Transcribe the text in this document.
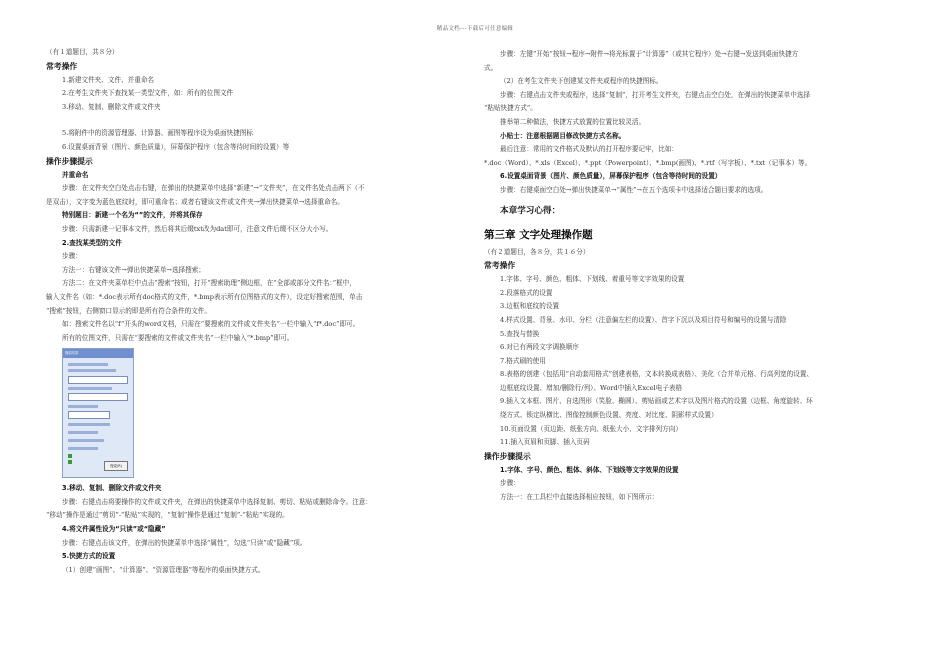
精品文档---下载后可任意编辑
（有１道题目，共８分）
常考操作
1.新建文件夹、文件、并重命名
2.在考生文件夹下查找某一类型文件，如：所有的位图文件
3.移动、复制、删除文件或文件夹
5.将附件中的资源管理器、计算器、画图等程序设为桌面快捷图标
6.设置桌面背景（图片、颜色质量），屏幕保护程序（包含等待时间的设置）等
操作步骤提示
并重命名
步骤：在文件夹空白处点击右键，在弹出的快捷菜单中选择“新建”→“文件夹”，在文件名处点击两下（不
是双击），文字变为蓝色底纹时，即可重命名；或者右键该文件或文件夹→弹出快捷菜单→选择重命名。
特别题目：新建一个名为“”的文件，并将其保存
步骤：只需新建一记事本文件，然后将其后缀txt改为dat即可，注意文件后缀不区分大小写。
2.查找某类型的文件
步骤：
方法一：右键该文件→弹出快捷菜单→选择搜索；
方法二：在文件夹菜单栏中点击“搜索”按钮，打开“搜索助理”侧边框，在“全部或部分文件名：”框中，
输入文件名（如：*.doc表示所有doc格式的文件，*.bmp表示所有位图格式的文件），设定好搜索范围，单击
“搜索”按钮，右侧窗口显示的即是所有符合条件的文件。
如：搜索文件名以“f”开头的word文档，只需在“要搜索的文件或文件夹名”一栏中输入“f*.doc”即可。
所有的位图文件，只需在“要搜索的文件或文件夹名”一栏中输入“*.bmp”即可。
搜索结果
搜索(R)
3.移动、复制、删除文件或文件夹
步骤：右键点击将要操作的文件或文件夹，在弹出的快捷菜单中选择复制、剪切、粘贴或删除命令。注意：
“移动”操作是通过“剪切”-“粘贴”实现的，“复制”操作是通过“复制”-“粘贴”实现的。
4.将文件属性设为“只读”或“隐藏”
步骤：右键点击该文件，在弹出的快捷菜单中选择“属性”，勾选“只读”或“隐藏”项。
5.快捷方式的设置
（1）创建“画图”、“计算器”、“资源管理器”等程序的桌面快捷方式。
步骤：左键“开始”按钮→程序→附件→将光标置于“计算器”（或其它程序）处→右键→发送到桌面快捷方
式。
（2）在考生文件夹下创建某文件夹或程序的快捷图标。
步骤：右键点击文件夹或程序，选择“复制”，打开考生文件夹，右键点击空白处，在弹出的快捷菜单中选择
“粘贴快捷方式”。
推举第二种做法，快捷方式放置的位置比较灵活。
小贴士：注意根据题目修改快捷方式名称。
最后注意：常用的文件格式及默认的打开程序要记牢，比如：
*.doc（Word）、*.xls（Excel）、*.ppt（Powerpoint）、*.bmp(画图)、*.rtf（写字板）、*.txt（记事本）等。
6.设置桌面背景（图片、颜色质量），屏幕保护程序（包含等待时间的设置）
步骤：右键桌面空白处→弹出快捷菜单→“属性”→在五个选项卡中选择适合题目要求的选项。
本章学习心得：
第三章 文字处理操作题
（有２道题目，各８分，共１６分）
常考操作
1.字体、字号、颜色、粗体、下划线、着重号等文字效果的设置
2.段落格式的设置
3.边框和底纹的设置
4.样式设置、背景、水印、分栏（注意偏左栏的设置）、首字下沉以及项目符号和编号的设置与清除
5.查找与替换
6.对已有两段文字调换顺序
7.格式刷的使用
8.表格的创建（包括用“自动套用格式”创建表格，文本转换成表格）、美化（合并单元格、行高列宽的设置、
边框底纹设置、增加/删除行/列）、Word中插入Excel电子表格
9.插入文本框、图片、自选图形（笑脸、椭圆）、剪贴画或艺术字以及图片格式的设置（边框、角度旋转、环
绕方式、锁定纵横比、图像控制颜色设置、亮度、对比度、阴影样式设置）
10.页面设置（页边距、纸张方向、纸张大小、文字排列方向）
11.插入页眉和页脚、插入页码
操作步骤提示
1.字体、字号、颜色、粗体、斜体、下划线等文字效果的设置
步骤：
方法一：在工具栏中直接选择相应按钮，如下图所示：
